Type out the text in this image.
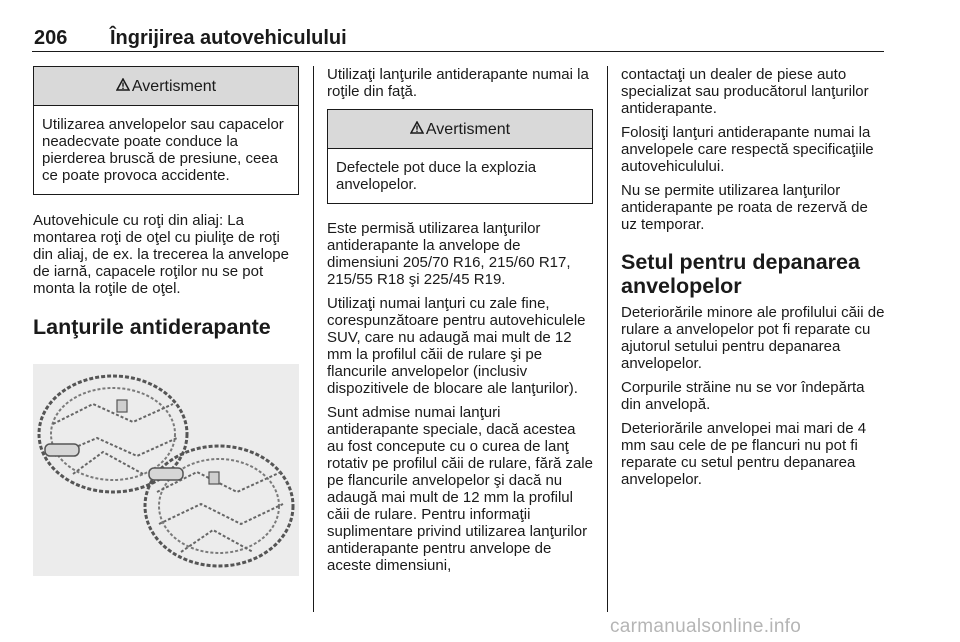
206 Îngrijirea autovehiculului
Avertisment
Utilizarea anvelopelor sau capacelor neadecvate poate conduce la pierderea bruscă de presiune, ceea ce poate provoca accidente.

Autovehicule cu roţi din aliaj: La montarea roţi de oţel cu piuliţe de roţi din aliaj, de ex. la trecerea la anvelope de iarnă, capacele roţilor nu se pot monta la roţile de oţel.

Lanţurile antiderapante

Utilizaţi lanţurile antiderapante numai la roţile din faţă.

Avertisment
Defectele pot duce la explozia anvelopelor.

Este permisă utilizarea lanţurilor antiderapante la anvelope de dimensiuni 205/70 R16, 215/60 R17, 215/55 R18 şi 225/45 R19.

Utilizaţi numai lanţuri cu zale fine, corespunzătoare pentru autovehiculele SUV, care nu adaugă mai mult de 12 mm la profilul căii de rulare şi pe flancurile anvelopelor (inclusiv dispozitivele de blocare ale lanţurilor).

Sunt admise numai lanţuri antiderapante speciale, dacă acestea au fost concepute cu o curea de lanţ rotativ pe profilul căii de rulare, fără zale pe flancurile anvelopelor şi dacă nu adaugă mai mult de 12 mm la profilul căii de rulare. Pentru informaţii suplimentare privind utilizarea lanţurilor antiderapante pentru anvelope de aceste dimensiuni,

contactaţi un dealer de piese auto specializat sau producătorul lanţurilor antiderapante.

Folosiţi lanţuri antiderapante numai la anvelopele care respectă specificaţiile autovehiculului.

Nu se permite utilizarea lanţurilor antiderapante pe roata de rezervă de uz temporar.

Setul pentru depanarea anvelopelor

Deteriorările minore ale profilului căii de rulare a anvelopelor pot fi reparate cu ajutorul setului pentru depanarea anvelopelor.

Corpurile străine nu se vor îndepărta din anvelopă.

Deteriorările anvelopei mai mari de 4 mm sau cele de pe flancuri nu pot fi reparate cu setul pentru depanarea anvelopelor.

carmanualsonline.info
